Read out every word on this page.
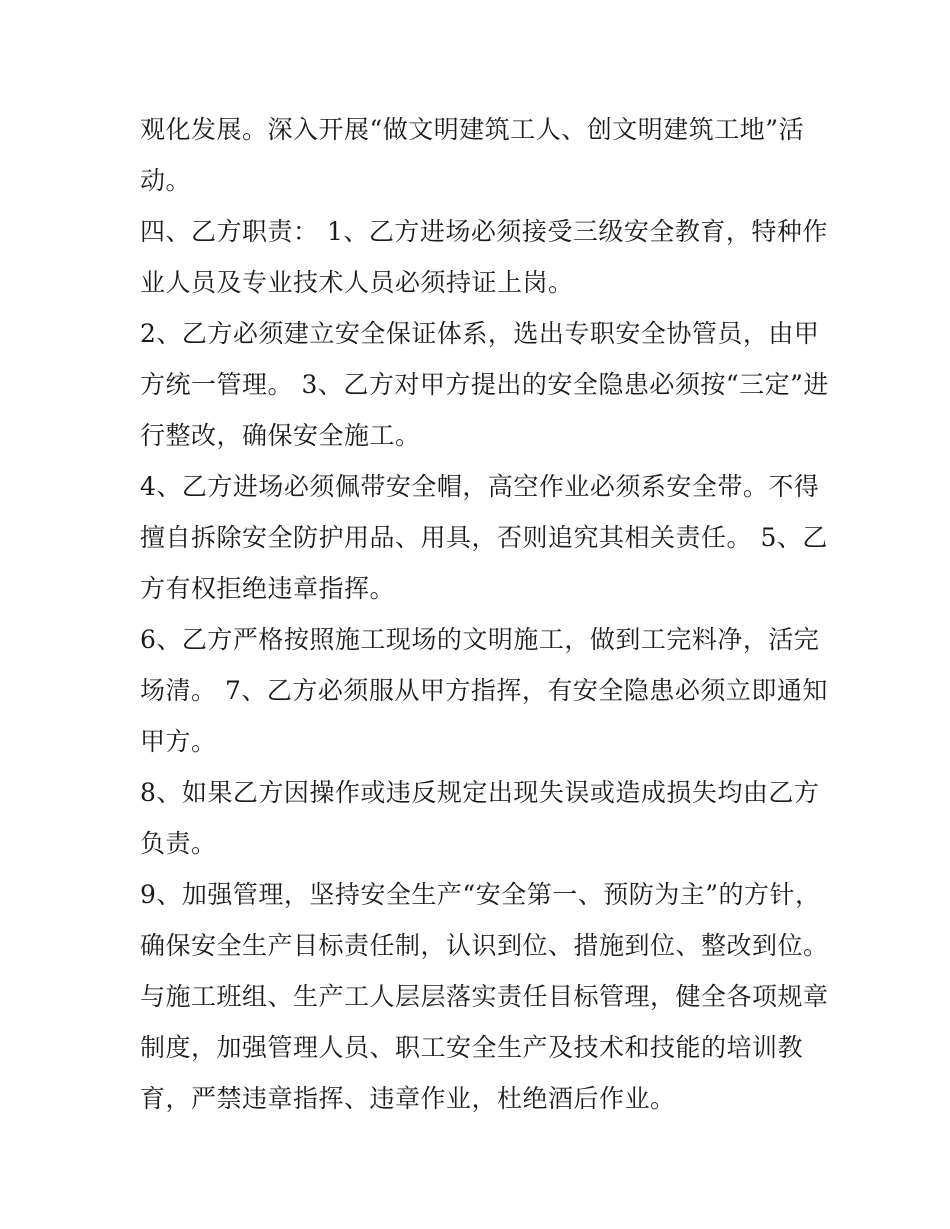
观化发展。深入开展“做文明建筑工人、创文明建筑工地”活
动。
四、乙方职责： 1、乙方进场必须接受三级安全教育，特种作
业人员及专业技术人员必须持证上岗。
2、乙方必须建立安全保证体系，选出专职安全协管员，由甲
方统一管理。 3、乙方对甲方提出的安全隐患必须按“三定”进
行整改，确保安全施工。
4、乙方进场必须佩带安全帽，高空作业必须系安全带。不得
擅自拆除安全防护用品、用具，否则追究其相关责任。 5、乙
方有权拒绝违章指挥。
6、乙方严格按照施工现场的文明施工，做到工完料净，活完
场清。 7、乙方必须服从甲方指挥，有安全隐患必须立即通知
甲方。
8、如果乙方因操作或违反规定出现失误或造成损失均由乙方
负责。
9、加强管理，坚持安全生产“安全第一、预防为主”的方针，
确保安全生产目标责任制，认识到位、措施到位、整改到位。
与施工班组、生产工人层层落实责任目标管理，健全各项规章
制度，加强管理人员、职工安全生产及技术和技能的培训教
育，严禁违章指挥、违章作业，杜绝酒后作业。
